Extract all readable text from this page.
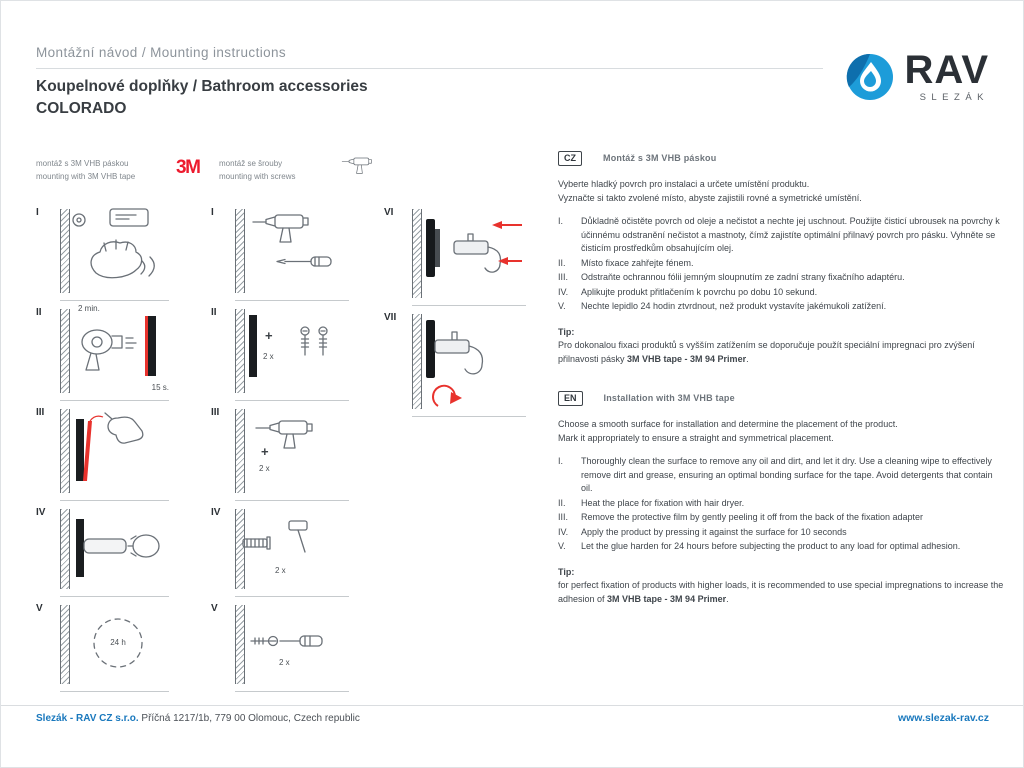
Montážní návod / Mounting instructions
Koupelnové doplňky / Bathroom accessories
COLORADO
RAV
SLEZÁK
montáž s 3M VHB páskou
mounting with 3M VHB tape 3M montáž se šrouby
mounting with screws
I
II	2 min.
15 s.
III
IV
V
24 h
I
II
+
2 x
III
+
2 x
IV
2 x
V
2 x
VI
VII
CZ	Montáž s 3M VHB páskou
Vyberte hladký povrch pro instalaci a určete umístění produktu.
Vyznačte si takto zvolené místo, abyste zajistili rovné a symetrické umístění.
I.	Důkladně očistěte povrch od oleje a nečistot a nechte jej uschnout. Použijte čisticí ubrousek na povrchy k účinnému odstranění nečistot a mastnoty, čímž zajistíte optimální přilnavý povrch pro pásku. Vyhněte se čisticím prostředkům obsahujícím olej.
II.	Místo fixace zahřejte fénem.
III.	Odstraňte ochrannou fólii jemným sloupnutím ze zadní strany fixačního adaptéru.
IV.	Aplikujte produkt přitlačením k povrchu po dobu 10 sekund.
V.	Nechte lepidlo 24 hodin ztvrdnout, než produkt vystavíte jakémukoli zatížení.
Tip:
Pro dokonalou fixaci produktů s vyšším zatížením se doporučuje použít speciální impregnaci pro zvýšení přilnavosti pásky 3M VHB tape - 3M 94 Primer.
EN	Installation with 3M VHB tape
Choose a smooth surface for installation and determine the placement of the product.
Mark it appropriately to ensure a straight and symmetrical placement.
I.	Thoroughly clean the surface to remove any oil and dirt, and let it dry. Use a cleaning wipe to effectively remove dirt and grease, ensuring an optimal bonding surface for the tape. Avoid detergents that contain oil.
II.	Heat the place for fixation with hair dryer.
III.	Remove the protective film by gently peeling it off from the back of the fixation adapter
IV.	Apply the product by pressing it against the surface for 10 seconds
V.	Let the glue harden for 24 hours before subjecting the product to any load for optimal adhesion.
Tip:
for perfect fixation of products with higher loads, it is recommended to use special impregnations to increase the adhesion of 3M VHB tape - 3M 94 Primer.
Slezák - RAV CZ s.r.o. Příčná 1217/1b, 779 00 Olomouc, Czech republic	www.slezak-rav.cz
